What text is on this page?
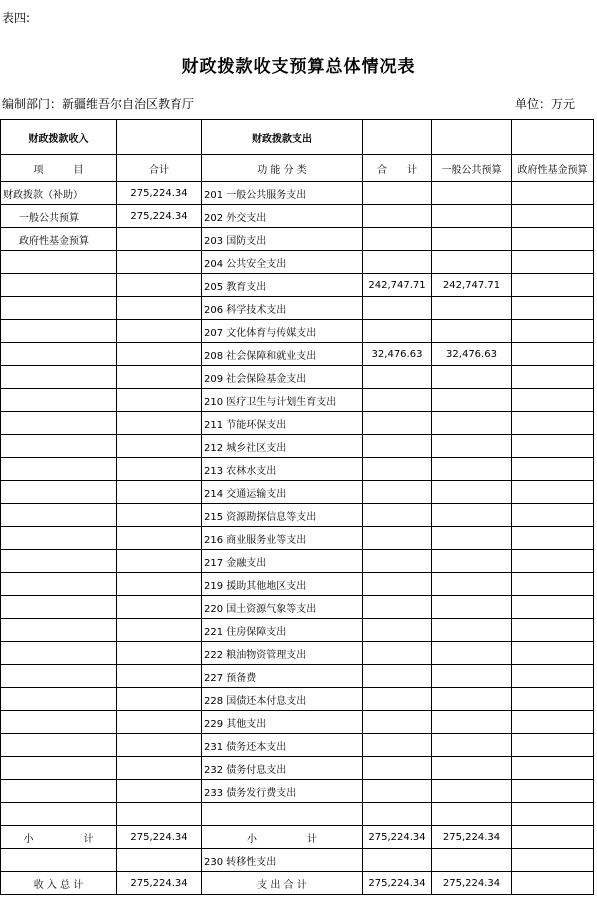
表四:
财政拨款收支预算总体情况表
编制部门：新疆维吾尔自治区教育厅	单位：万元
财政拨款收入		财政拨款支出			
项　　　目	合计	功 能 分 类	合　　计	一般公共预算	政府性基金预算
财政拨款（补助）	275,224.34	201 一般公共服务支出			
一般公共预算	275,224.34	202 外交支出			
政府性基金预算		203 国防支出			
		204 公共安全支出			
		205 教育支出	242,747.71	242,747.71	
		206 科学技术支出			
		207 文化体育与传媒支出			
		208 社会保障和就业支出	32,476.63	32,476.63	
		209 社会保险基金支出			
		210 医疗卫生与计划生育支出			
		211 节能环保支出			
		212 城乡社区支出			
		213 农林水支出			
		214 交通运输支出			
		215 资源勘探信息等支出			
		216 商业服务业等支出			
		217 金融支出			
		219 援助其他地区支出			
		220 国土资源气象等支出			
		221 住房保障支出			
		222 粮油物资管理支出			
		227 预备费			
		228 国债还本付息支出			
		229 其他支出			
		231 债务还本支出			
		232 债务付息支出			
		233 债务发行费支出			

小　　　　　计	275,224.34	小　　　　　计	275,224.34	275,224.34	
		230 转移性支出			
收 入 总 计	275,224.34	支 出 合 计	275,224.34	275,224.34	
